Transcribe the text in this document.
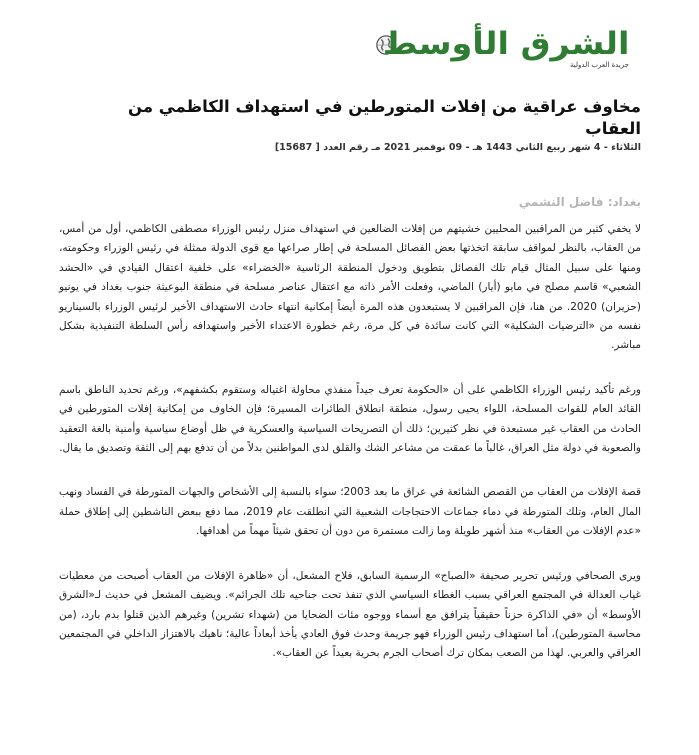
الشرق الأوسط
جريدة العرب الدولية
مخاوف عراقية من إفلات المتورطين في استهداف الكاظمي من العقاب
الثلاثاء - 4 شهر ربيع الثاني 1443 هـ - 09 نوفمبر 2021 مـ رقم العدد [ 15687]
بغداد: فاضل النشمي

لا يخفي كثير من المراقبين المحليين خشيتهم من إفلات الضالعين في استهداف منزل رئيس الوزراء مصطفى الكاظمي، أول من أمس، من العقاب، بالنظر لمواقف سابقة اتخذتها بعض الفصائل المسلحة في إطار صراعها مع قوى الدولة ممثلة في رئيس الوزراء وحكومته، ومنها على سبيل المثال قيام تلك الفصائل بتطويق ودخول المنطقة الرئاسية «الخضراء» على خلفية اعتقال القيادي في «الحشد الشعبي» قاسم مصلح في مايو (أيار) الماضي، وفعلت الأمر ذاته مع اعتقال عناصر مسلحة في منطقة البوعيثة جنوب بغداد في يونيو (حزيران) 2020. من هنا، فإن المراقبين لا يستبعدون هذه المرة أيضاً إمكانية انتهاء حادث الاستهداف الأخير لرئيس الوزراء بالسيناريو نفسه من «الترضيات الشكلية» التي كانت سائدة في كل مرة، رغم خطورة الاعتداء الأخير واستهدافه رأس السلطة التنفيذية بشكل مباشر.

ورغم تأكيد رئيس الوزراء الكاظمي على أن «الحكومة تعرف جيداً منفذي محاولة اغتياله وستقوم بكشفهم»، ورغم تحديد الناطق باسم القائد العام للقوات المسلحة، اللواء يحيى رسول، منطقة انطلاق الطائرات المسيرة؛ فإن الخاوف من إمكانية إفلات المتورطين في الحادث من العقاب غير مستبعدة في نظر كثيرين؛ ذلك أن التصريحات السياسية والعسكرية في ظل أوضاع سياسية وأمنية بالغة التعقيد والصعوبة في دولة مثل العراق، غالباً ما عمقت من مشاعر الشك والقلق لدى المواطنين بدلاً من أن تدفع بهم إلى الثقة وتصديق ما يقال.

قصة الإفلات من العقاب من القصص الشائعة في عراق ما بعد 2003؛ سواء بالنسبة إلى الأشخاص والجهات المتورطة في الفساد ونهب المال العام، وتلك المتورطة في دماء جماعات الاحتجاجات الشعبية التي انطلقت عام 2019، مما دفع ببعض الناشطين إلى إطلاق حملة «عدم الإفلات من العقاب» منذ أشهر طويلة وما زالت مستمرة من دون أن تحقق شيئاً مهماً من أهدافها.

ويرى الصحافي ورئيس تحرير صحيفة «الصباح» الرسمية السابق، فلاح المشعل، أن «ظاهرة الإفلات من العقاب أصبحت من معطيات غياب العدالة في المجتمع العراقي بسبب الغطاء السياسي الذي تنفذ تحت جناحيه تلك الجرائم». ويضيف المشعل في حديث لـ«الشرق الأوسط» أن «في الذاكرة حزناً حقيقياً يترافق مع أسماء ووجوه مئات الضحايا من (شهداء تشرين) وغيرهم الذين قتلوا بدم بارد، (من محاسبة المتورطين)، أما استهداف رئيس الوزراء فهو جريمة وحدث فوق العادي يأخذ أبعاداً عالية؛ ناهيك بالاهتزاز الداخلي في المجتمعين العراقي والعربي. لهذا من الصعب بمكان ترك أصحاب الجرم بحرية بعيداً عن العقاب».
